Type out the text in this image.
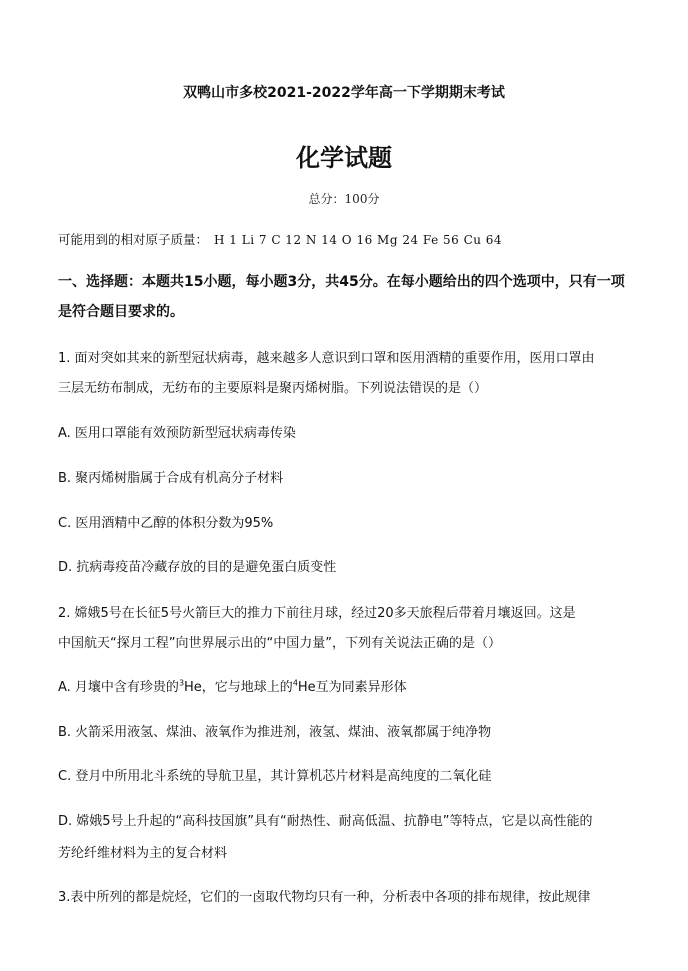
双鸭山市多校2021-2022学年高一下学期期末考试
化学试题
总分：100分
可能用到的相对原子质量： H 1 Li 7 C 12 N 14 O 16 Mg 24 Fe 56 Cu 64
一、选择题：本题共15小题，每小题3分，共45分。在每小题给出的四个选项中，只有一项
是符合题目要求的。
1. 面对突如其来的新型冠状病毒，越来越多人意识到口罩和医用酒精的重要作用，医用口罩由
三层无纺布制成，无纺布的主要原料是聚丙烯树脂。下列说法错误的是（）
A. 医用口罩能有效预防新型冠状病毒传染
B. 聚丙烯树脂属于合成有机高分子材料
C. 医用酒精中乙醇的体积分数为95%
D. 抗病毒疫苗冷藏存放的目的是避免蛋白质变性
2. 嫦娥5号在长征5号火箭巨大的推力下前往月球，经过20多天旅程后带着月壤返回。这是
中国航天“探月工程”向世界展示出的“中国力量”，下列有关说法正确的是（）
A. 月壤中含有珍贵的$^3$He，它与地球上的$^4$He互为同素异形体
B. 火箭采用液氢、煤油、液氧作为推进剂，液氢、煤油、液氧都属于纯净物
C. 登月中所用北斗系统的导航卫星，其计算机芯片材料是高纯度的二氧化硅
D. 嫦娥5号上升起的“高科技国旗”具有“耐热性、耐高低温、抗静电”等特点，它是以高性能的
芳纶纤维材料为主的复合材料
3.表中所列的都是烷烃，它们的一卤取代物均只有一种，分析表中各项的排布规律，按此规律
